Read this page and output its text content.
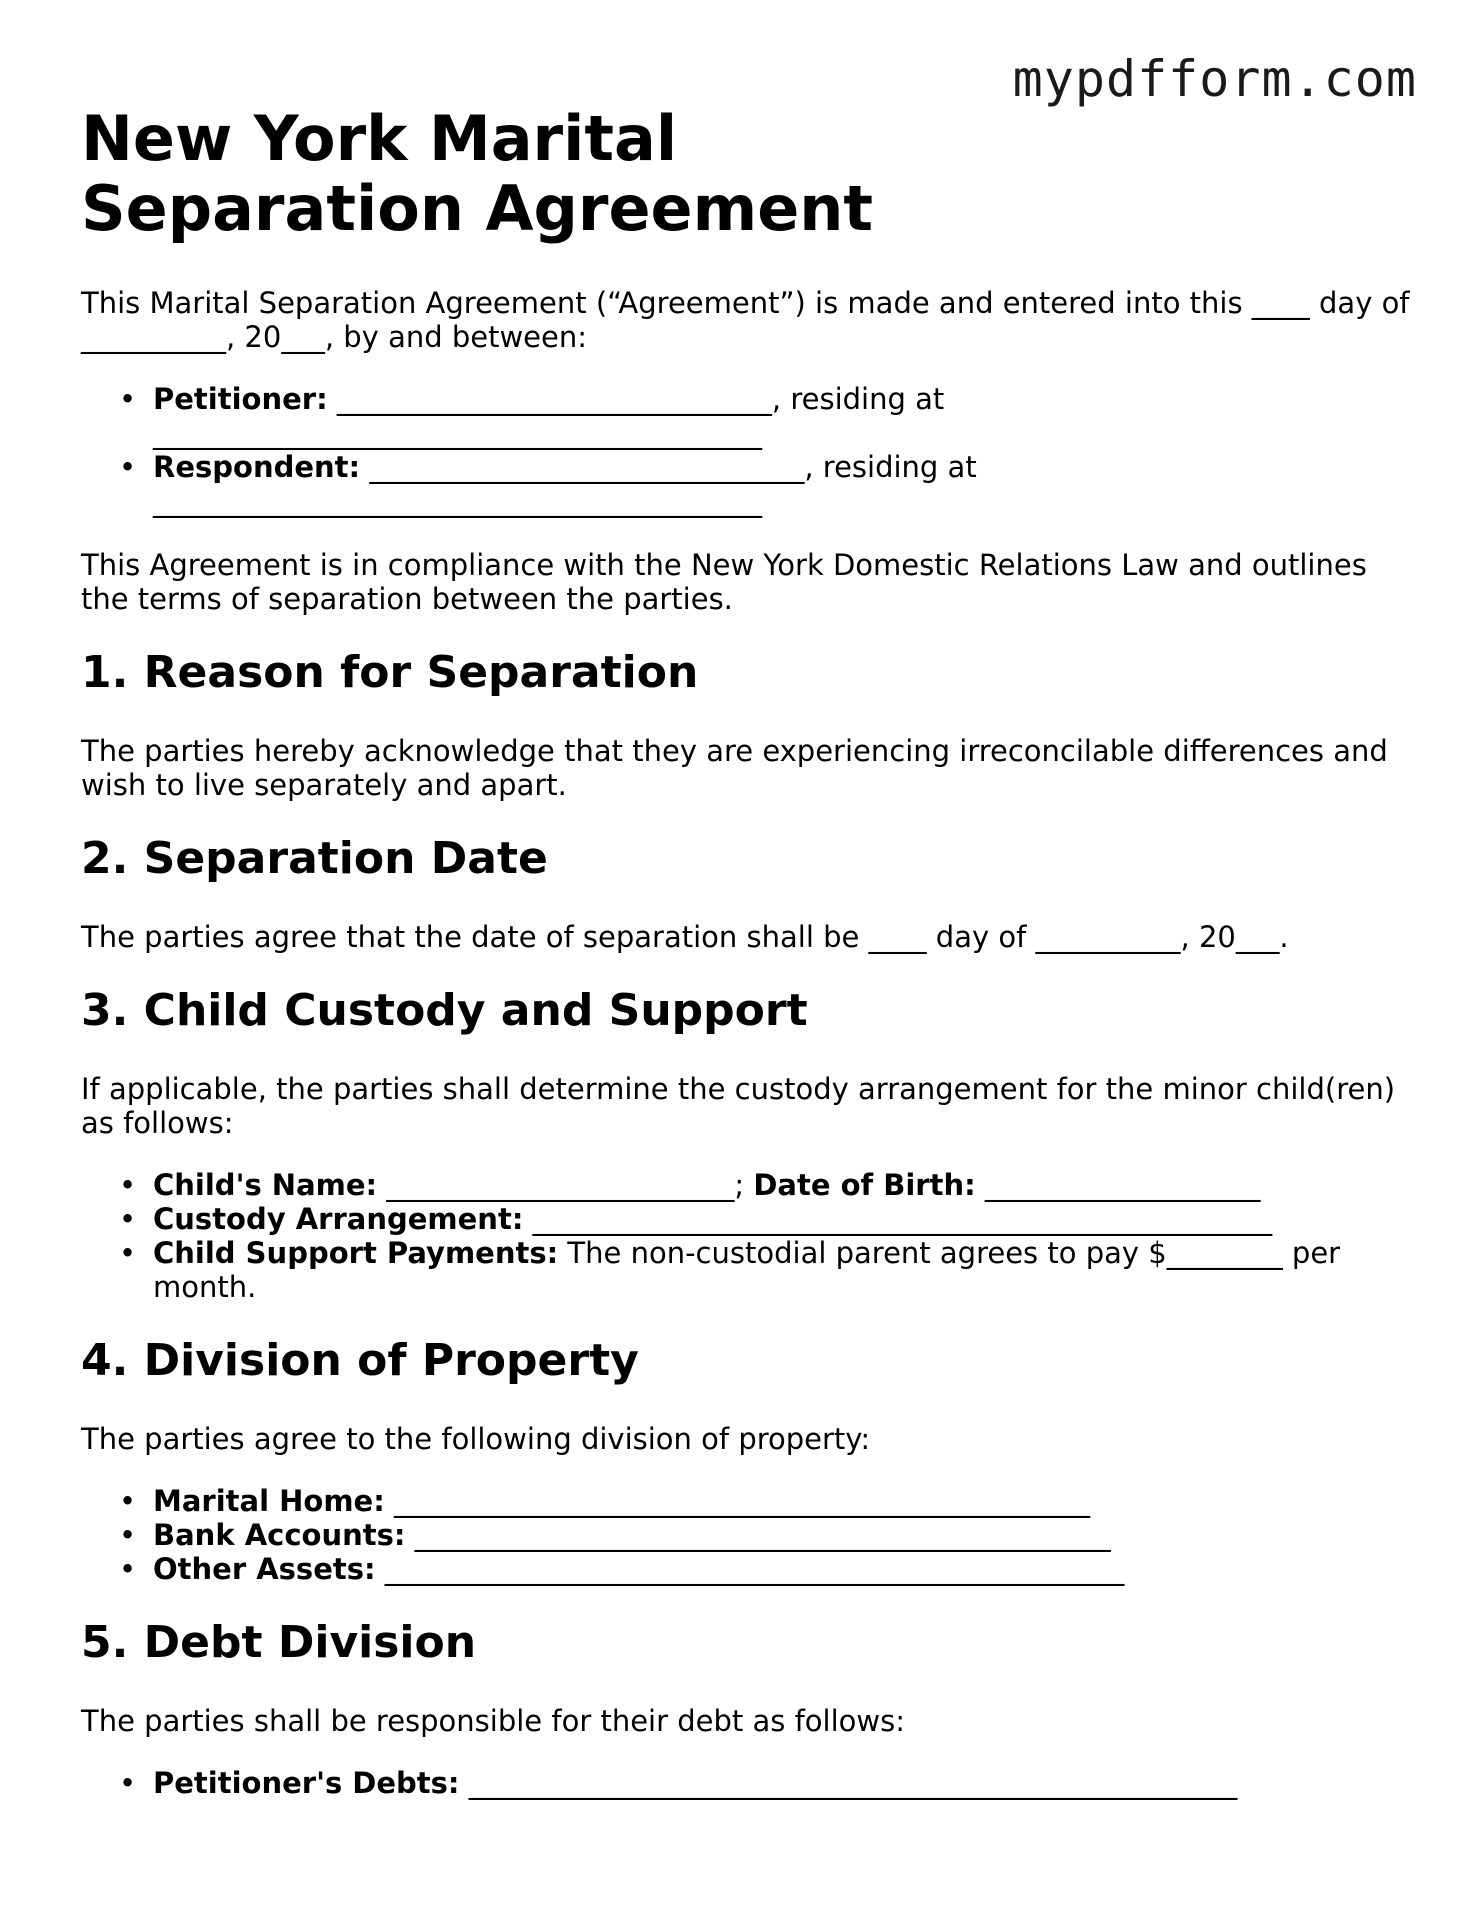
mypdfform.com
New York Marital Separation Agreement

This Marital Separation Agreement (“Agreement”) is made and entered into this ____ day of __________, 20___, by and between:

• Petitioner: ______________________________, residing at
__________________________________________
• Respondent: ______________________________, residing at
__________________________________________

This Agreement is in compliance with the New York Domestic Relations Law and outlines the terms of separation between the parties.

1. Reason for Separation

The parties hereby acknowledge that they are experiencing irreconcilable differences and wish to live separately and apart.

2. Separation Date

The parties agree that the date of separation shall be ____ day of __________, 20___.

3. Child Custody and Support

If applicable, the parties shall determine the custody arrangement for the minor child(ren) as follows:

• Child's Name: ________________________; Date of Birth: ___________________
• Custody Arrangement: ___________________________________________________
• Child Support Payments: The non-custodial parent agrees to pay $________ per month.
4. Division of Property

The parties agree to the following division of property:

• Marital Home: ________________________________________________
• Bank Accounts: ________________________________________________
• Other Assets: ___________________________________________________
5. Debt Division

The parties shall be responsible for their debt as follows:

• Petitioner's Debts: _____________________________________________________
